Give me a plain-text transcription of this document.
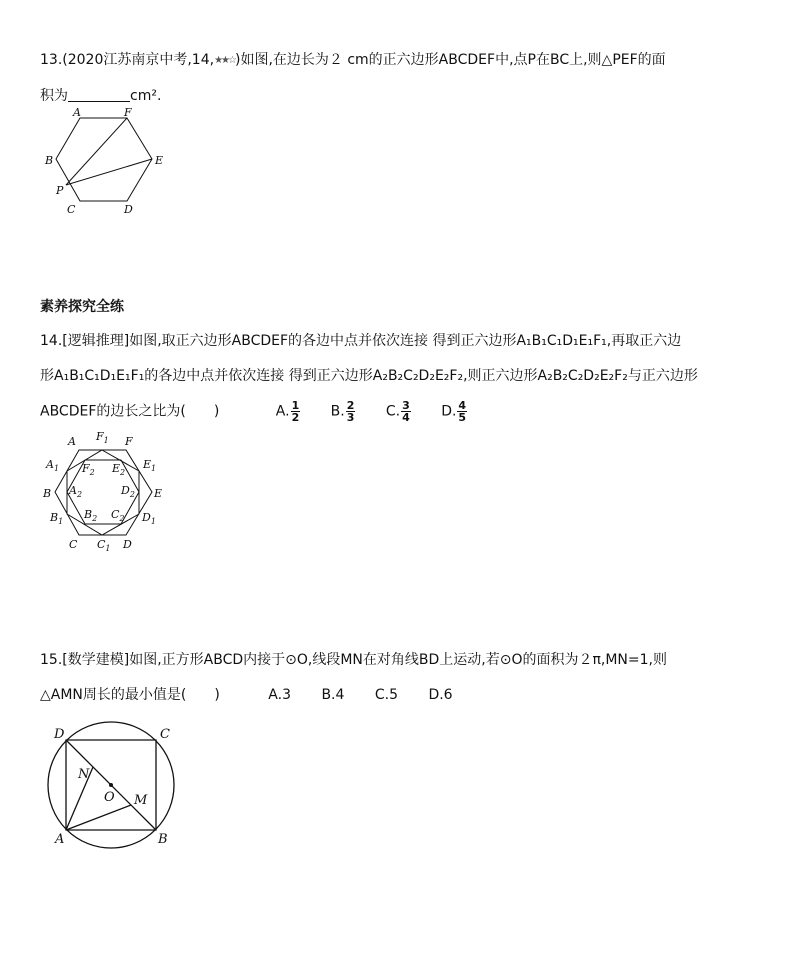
13.(2020江苏南京中考,14,★★☆)如图,在边长为２ cm的正六边形ABCDEF中,点P在BC上,则△PEF的面
积为	cm².
A	F
B	E
P
C	D
素养探究全练
14.[逻辑推理]如图,取正六边形ABCDEF的各边中点并依次连接 得到正六边形A₁B₁C₁D₁E₁F₁,再取正六边
形A₁B₁C₁D₁E₁F₁的各边中点并依次连接 得到正六边形A₂B₂C₂D₂E₂F₂,则正六边形A₂B₂C₂D₂E₂F₂与正六边形
ABCDEF的边长之比为(　　)	A. $\frac{1}{2} B$. $\frac{2}{3} C$. $\frac{3}{4} D$. $\frac{4}{5}$
A $F_1$ F
$A_1$ $F_2$ $E_2$
$E_1$
B $A_2$	$D_2$ E
$B_1$
$B_2$ $C_2$ $D_1$
C $C_1$ D
15.[数学建模]如图,正方形ABCD内接于⊙O,线段MN在对角线BD上运动,若⊙O的面积为２π,MN=1,则
△AMN周长的最小值是(　　)	A.3 B.4 C.5 D.6
D	C
N
O M
A	B
